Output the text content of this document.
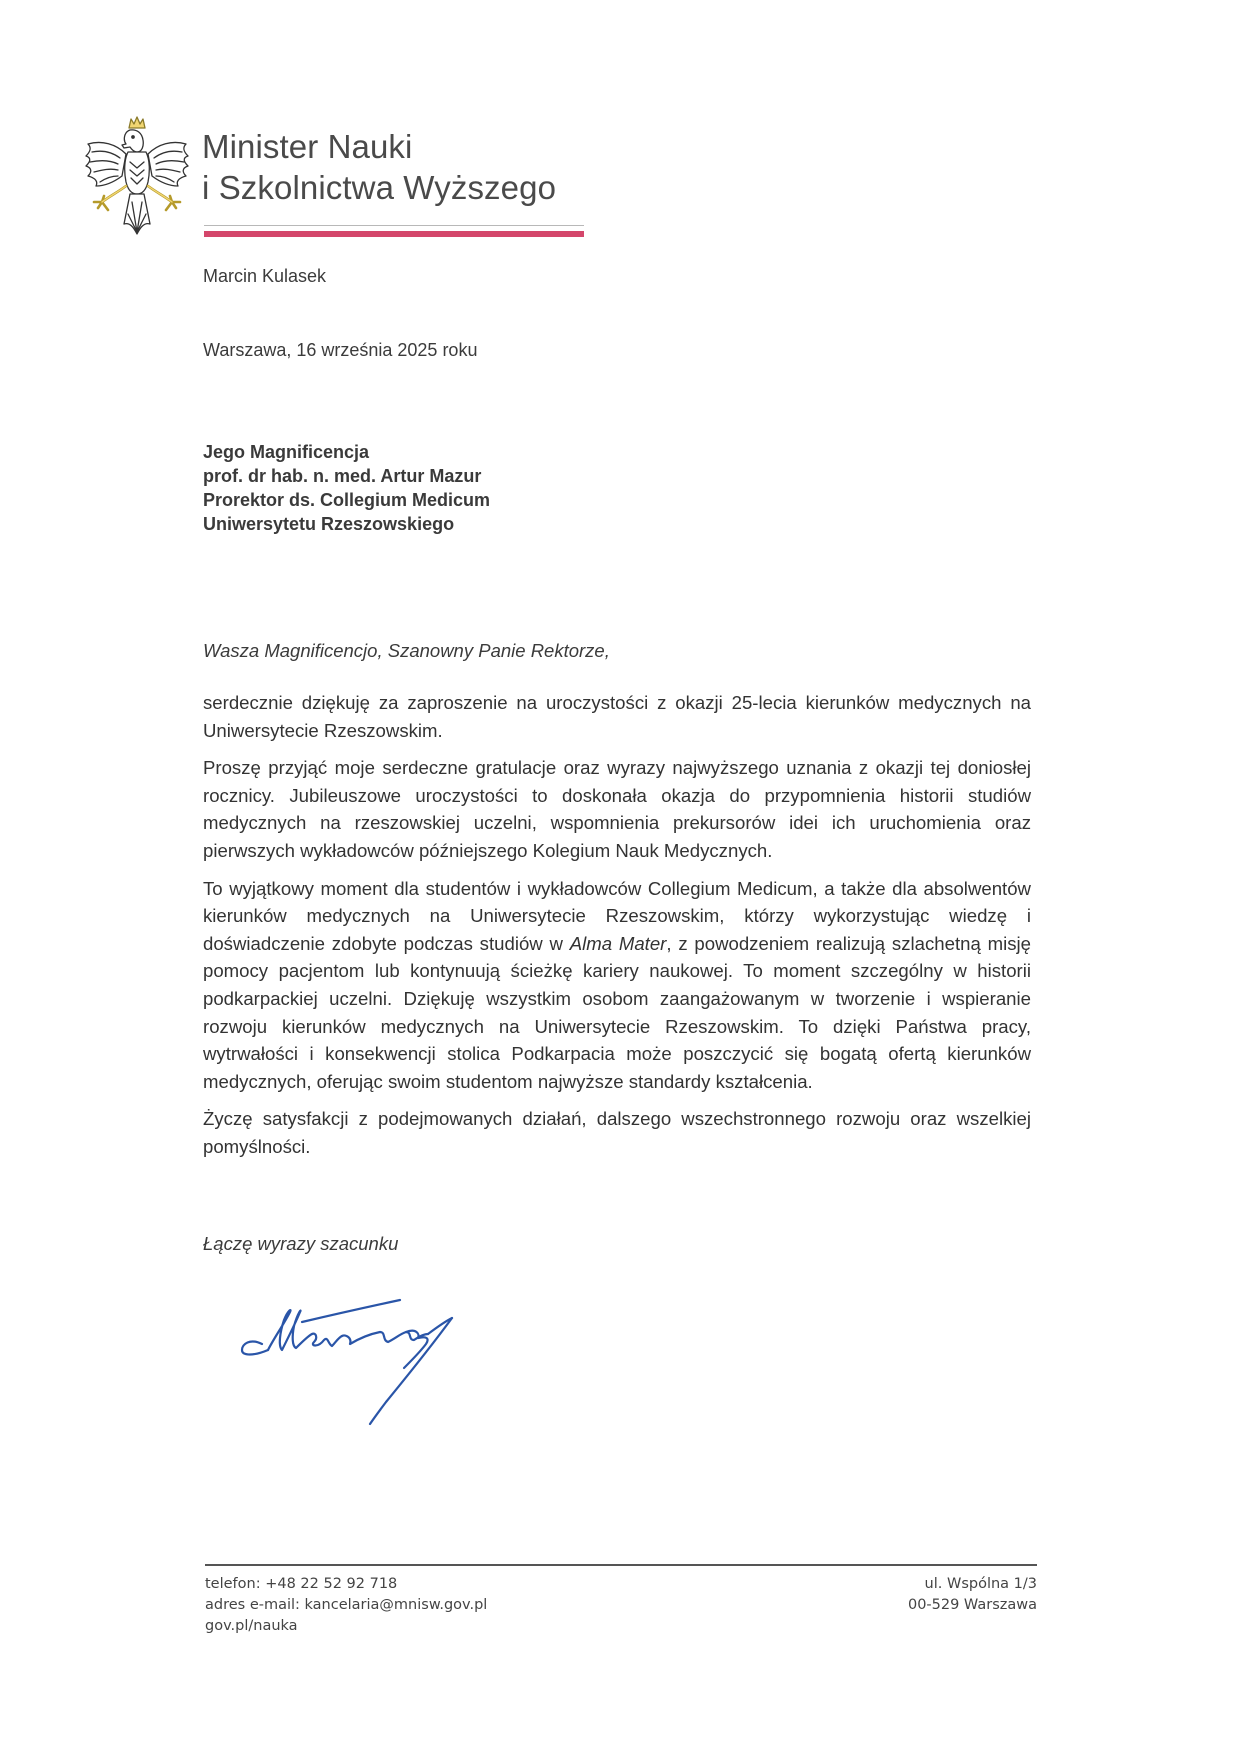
Minister Nauki
i Szkolnictwa Wyższego
Marcin Kulasek
Warszawa, 16 września 2025 roku
Jego Magnificencja
prof. dr hab. n. med. Artur Mazur
Prorektor ds. Collegium Medicum
Uniwersytetu Rzeszowskiego
Wasza Magnificencjo, Szanowny Panie Rektorze,

serdecznie dziękuję za zaproszenie na uroczystości z okazji 25-lecia kierunków medycznych na Uniwersytecie Rzeszowskim.

Proszę przyjąć moje serdeczne gratulacje oraz wyrazy najwyższego uznania z okazji tej doniosłej rocznicy. Jubileuszowe uroczystości to doskonała okazja do przypomnienia historii studiów medycznych na rzeszowskiej uczelni, wspomnienia prekursorów idei ich uruchomienia oraz pierwszych wykładowców późniejszego Kolegium Nauk Medycznych.

To wyjątkowy moment dla studentów i wykładowców Collegium Medicum, a także dla absolwentów kierunków medycznych na Uniwersytecie Rzeszowskim, którzy wykorzystując wiedzę i doświadczenie zdobyte podczas studiów w Alma Mater, z powodzeniem realizują szlachetną misję pomocy pacjentom lub kontynuują ścieżkę kariery naukowej. To moment szczególny w historii podkarpackiej uczelni. Dziękuję wszystkim osobom zaangażowanym w tworzenie i wspieranie rozwoju kierunków medycznych na Uniwersytecie Rzeszowskim. To dzięki Państwa pracy, wytrwałości i konsekwencji stolica Podkarpacia może poszczycić się bogatą ofertą kierunków medycznych, oferując swoim studentom najwyższe standardy kształcenia.

Życzę satysfakcji z podejmowanych działań, dalszego wszechstronnego rozwoju oraz wszelkiej pomyślności.

Łączę wyrazy szacunku
telefon: +48 22 52 92 718
adres e-mail: kancelaria@mnisw.gov.pl
gov.pl/nauka
ul. Wspólna 1/3
00-529 Warszawa
